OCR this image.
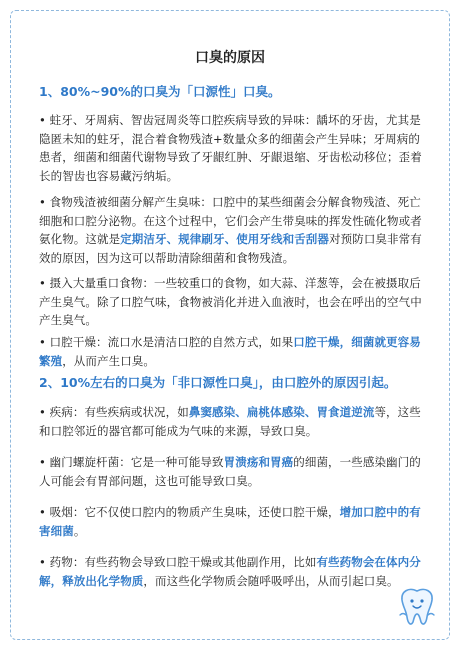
口臭的原因
1、80%~90%的口臭为「口源性」口臭。
• 蛀牙、牙周病、智齿冠周炎等口腔疾病导致的异味：龋坏的牙齿，尤其是隐匿未知的蛀牙，混合着食物残渣+数量众多的细菌会产生异味；牙周病的患者，细菌和细菌代谢物导致了牙龈红肿、牙龈退缩、牙齿松动移位；歪着长的智齿也容易藏污纳垢。
• 食物残渣被细菌分解产生臭味：口腔中的某些细菌会分解食物残渣、死亡细胞和口腔分泌物。在这个过程中，它们会产生带臭味的挥发性硫化物或者氨化物。这就是定期洁牙、规律刷牙、使用牙线和舌刮器对预防口臭非常有效的原因，因为这可以帮助清除细菌和食物残渣。
• 摄入大量重口食物：一些较重口的食物，如大蒜、洋葱等，会在被摄取后产生臭气。除了口腔气味，食物被消化并进入血液时，也会在呼出的空气中产生臭气。
• 口腔干燥：流口水是清洁口腔的自然方式，如果口腔干燥，细菌就更容易繁殖，从而产生口臭。
2、10%左右的口臭为「非口源性口臭」，由口腔外的原因引起。
• 疾病：有些疾病或状况，如鼻窦感染、扁桃体感染、胃食道逆流等，这些和口腔邻近的器官都可能成为气味的来源，导致口臭。
• 幽门螺旋杆菌：它是一种可能导致胃溃疡和胃癌的细菌，一些感染幽门的人可能会有胃部问题，这也可能导致口臭。
• 吸烟：它不仅使口腔内的物质产生臭味，还使口腔干燥，增加口腔中的有害细菌。
• 药物：有些药物会导致口腔干燥或其他副作用，比如有些药物会在体内分解，释放出化学物质，而这些化学物质会随呼吸呼出，从而引起口臭。
